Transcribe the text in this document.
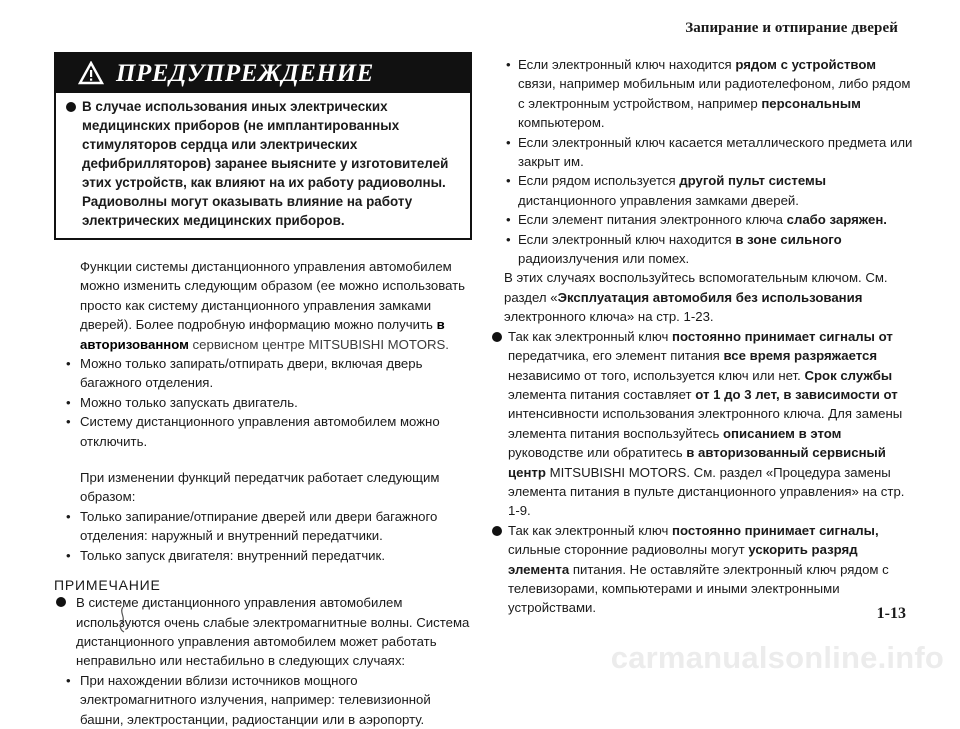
Запирание и отпирание дверей
ПРЕДУПРЕЖДЕНИЕ
В случае использования иных электрических медицинских приборов (не имплантированных стимуляторов сердца или электрических дефибрилляторов) заранее выясните у изготовителей этих устройств, как влияют на их работу радиоволны. Радиоволны могут оказывать влияние на работу электрических медицинских приборов.

Функции системы дистанционного управления автомобилем можно изменить следующим образом (ее можно использовать просто как систему дистанционного управления замками дверей). Более подробную информацию можно получить в авторизованном сервисном центре MITSUBISHI MOTORS.

• Можно только запирать/отпирать двери, включая дверь багажного отделения.
• Можно только запускать двигатель.
• Систему дистанционного управления автомобилем можно отключить.

При изменении функций передатчик работает следующим образом:

• Только запирание/отпирание дверей или двери багажного отделения: наружный и внутренний передатчики.
• Только запуск двигателя: внутренний передатчик.
ПРИМЕЧАНИЕ

В системе дистанционного управления автомобилем используются очень слабые электромагнитные волны. Система дистанционного управления автомобилем может работать неправильно или нестабильно в следующих случаях:

• При нахождении вблизи источников мощного электромагнитного излучения, например: телевизионной башни, электростанции, радиостанции или в аэропорту.
• Если электронный ключ находится рядом с устройством связи, например мобильным или радиотелефоном, либо рядом с электронным устройством, например персональным компьютером.
• Если электронный ключ касается металлического предмета или закрыт им.
• Если рядом используется другой пульт системы дистанционного управления замками дверей.
• Если элемент питания электронного ключа слабо заряжен.
• Если электронный ключ находится в зоне сильного радиоизлучения или помех.

В этих случаях воспользуйтесь вспомогательным ключом. См. раздел «Эксплуатация автомобиля без использования электронного ключа» на стр. 1-23.

Так как электронный ключ постоянно принимает сигналы от передатчика, его элемент питания все время разряжается независимо от того, используется ключ или нет. Срок службы элемента питания составляет от 1 до 3 лет, в зависимости от интенсивности использования электронного ключа. Для замены элемента питания воспользуйтесь описанием в этом руководстве или обратитесь в авторизованный сервисный центр MITSUBISHI MOTORS. См. раздел «Процедура замены элемента питания в пульте дистанционного управления» на стр. 1-9.

Так как электронный ключ постоянно принимает сигналы, сильные сторонние радиоволны могут ускорить разряд элемента питания. Не оставляйте электронный ключ рядом с телевизорами, компьютерами и иными электронными устройствами.	1-13
carmanualsonline.info
